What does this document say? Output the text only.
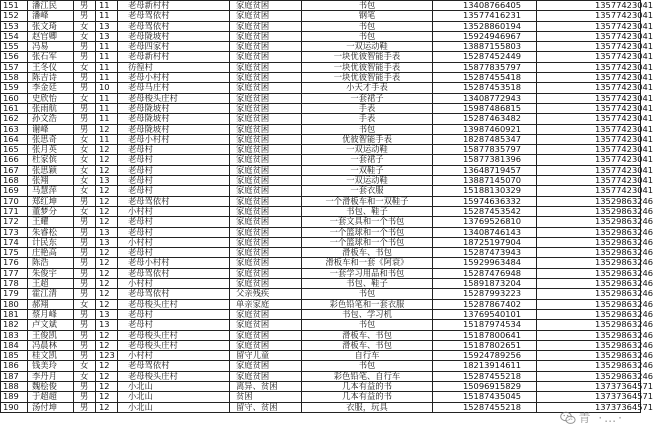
151	潘江民	男	11	老母新村村	家庭贫困	书包	13408766405	13577423041
152	潘峰	男	11	老母驾依村	家庭贫困	钢笔	13577416231	13577423041
153	张文琦	女	13	老母驾依村	家庭贫困	书包	13528860194	13577423041
154	赵官卿	女	13	老母陇坡村	家庭贫困	书包	15924946967	13577423041
155	冯易	男	11	老母四家村	家庭贫困	一双运动鞋	13887155803	13577423041
156	张石军	男	11	老母新村村	家庭贫困	一块优彼智能手表	15287452449	13577423041
157	王冬仪	女	11	彷徨村	家庭贫困	一块优彼智能手表	15877835797	13577423041
158	陈吉诗	男	11	老母小村村	家庭贫困	一块优彼智能手表	15287455418	13577423041
159	李金廷	男	10	老母马庄村	家庭贫困	小天才手表	15287453518	13577423041
160	史欣怡	女	11	老母梭头庄村	家庭贫困	一套裙子	13408772943	13577423041
161	张雨航	男	11	老母陇坡村	家庭贫困	手表	15987486815	13577423041
162	孙文浩	男	11	老母陇坡村	家庭贫困	手表	15287463482	13577423041
163	谢峰	男	12	老母陇坡村	家庭贫困	书包	13987460921	13577423041
164	张思奇	女	11	老母小村村	家庭贫困	优彼智能手表	18287485347	13577423041
165	张月英	女	12	老母村	家庭贫困	一双运动鞋	15877835797	13577423041
166	杜家傧	女	12	老母村	家庭贫困	一套裙子	15877381396	13577423041
167	张思颖	女	12	老母村	家庭贫困	一双鞋子	13648719457	13577423041
168	张翔	女	13	老母村	家庭贫困	一双运动鞋	13887145070	13577423041
169	马慧萍	女	12	老母村	家庭贫困	一套衣服	15188130329	13577423041
170	郑红坤	男	12	老母驾依村	家庭贫困	一个滑板车和一双鞋子	15974636332	13529863246
171	董梦分	女	12	小村村	家庭贫困	书包、鞋子	15287453542	13529863246
172	王耀	男	12	老母村	家庭贫困	一套文具和一个书包	13769526810	13529863246
173	朱睿松	男	13	老母村	家庭贫困	一个篮球和一个书包	13408746143	13529863246
174	计民东	男	13	小村村	家庭贫困	一个篮球和一个书包	18725197904	13529863246
175	庄艳高	男	12	老母村	家庭贫困	滑板车、书包	15287473943	13529863246
176	陈浩	男	12	老母小村村	家庭贫困	滑板车和一套《阿衰》	15929963484	13529863246
177	朱俊宇	男	12	老母驾依村	家庭贫困	一套学习用品和书包	15287476948	13529863246
178	王超	男	12	小村村	家庭贫困	书包、鞋子	15891873204	13529863246
179	霍江清	男	12	老母驾依村	父亲残疾	书包	15287993223	13529863246
180	郝翔	女	12	老母梭头庄村	单亲家庭	彩色铅笔和一套衣服	15287867402	13529863246
181	蔡月峰	男	13	老母村	家庭贫困	书包、学习机	13769540101	13529863246
182	卢文斌	男	13	老母村	家庭贫困	书包	15187974534	13529863246
183	王俊凯	男	12	老母梭头庄村	家庭贫困	滑板车、书包	15187800641	13529863246
184	冯晨林	男	12	老母梭头庄村	家庭贫困	滑板车、书包	15187802651	13529863246
185	桂文凯	男	123	小村村	留守儿童	自行车	15924789256	13529863246
186	钱美玲	女	12	老母驾依村	家庭贫困	书包	18213914611	13529863246
187	李丹月	女	12	老母梭头庄村	家庭贫困	彩色铅笔、自行车	15287455218	13529863246
188	魏桧俊	男	12	小北山	离异、贫困	几本有益的书	15096915829	13737364571
189	于超超	男	12	小北山	贫困	几本有益的书	15187435045	13737364571
190	汤付坤	男	12	小北山	留守、贫困	衣服，玩具	15287455218	13737364571
青 ·…·
